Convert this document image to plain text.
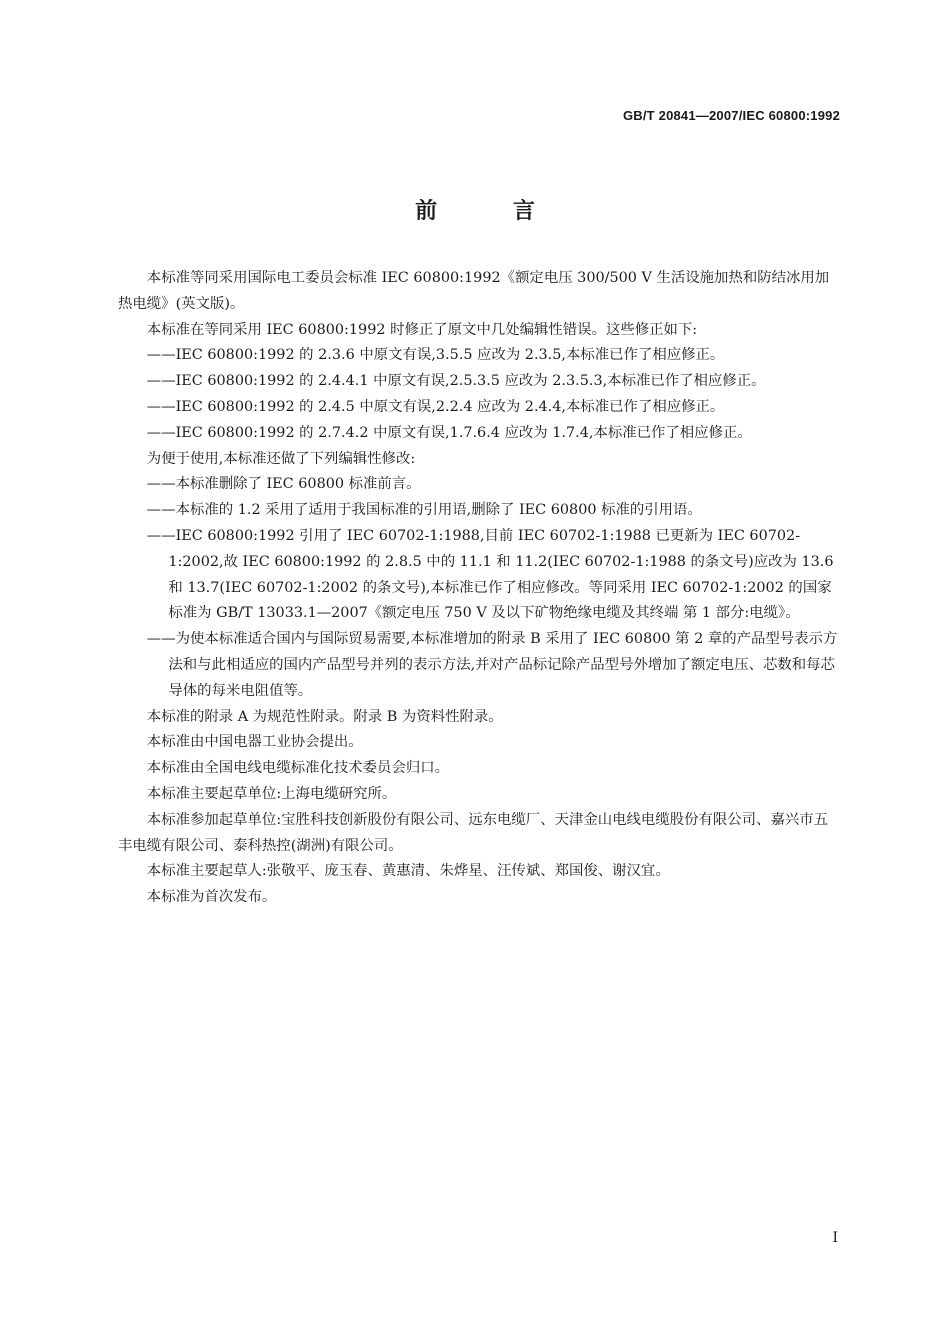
GB/T 20841—2007/IEC 60800:1992
前 言

本标准等同采用国际电工委员会标准 IEC 60800:1992《额定电压 300/500 V 生活设施加热和防结冰用加热电缆》(英文版)。

本标准在等同采用 IEC 60800:1992 时修正了原文中几处编辑性错误。这些修正如下:

——IEC 60800:1992 的 2.3.6 中原文有误,3.5.5 应改为 2.3.5,本标准已作了相应修正。

——IEC 60800:1992 的 2.4.4.1 中原文有误,2.5.3.5 应改为 2.3.5.3,本标准已作了相应修正。

——IEC 60800:1992 的 2.4.5 中原文有误,2.2.4 应改为 2.4.4,本标准已作了相应修正。

——IEC 60800:1992 的 2.7.4.2 中原文有误,1.7.6.4 应改为 1.7.4,本标准已作了相应修正。

为便于使用,本标准还做了下列编辑性修改:

——本标准删除了 IEC 60800 标准前言。

——本标准的 1.2 采用了适用于我国标准的引用语,删除了 IEC 60800 标准的引用语。

——IEC 60800:1992 引用了 IEC 60702-1:1988,目前 IEC 60702-1:1988 已更新为 IEC 60702-1:2002,故 IEC 60800:1992 的 2.8.5 中的 11.1 和 11.2(IEC 60702-1:1988 的条文号)应改为 13.6 和 13.7(IEC 60702-1:2002 的条文号),本标准已作了相应修改。等同采用 IEC 60702-1:2002 的国家标准为 GB/T 13033.1—2007《额定电压 750 V 及以下矿物绝缘电缆及其终端 第 1 部分:电缆》。

——为使本标准适合国内与国际贸易需要,本标准增加的附录 B 采用了 IEC 60800 第 2 章的产品型号表示方法和与此相适应的国内产品型号并列的表示方法,并对产品标记除产品型号外增加了额定电压、芯数和每芯导体的每米电阻值等。

本标准的附录 A 为规范性附录。附录 B 为资料性附录。

本标准由中国电器工业协会提出。

本标准由全国电线电缆标准化技术委员会归口。

本标准主要起草单位:上海电缆研究所。

本标准参加起草单位:宝胜科技创新股份有限公司、远东电缆厂、天津金山电线电缆股份有限公司、嘉兴市五丰电缆有限公司、泰科热控(湖洲)有限公司。

本标准主要起草人:张敬平、庞玉春、黄惠清、朱烨星、汪传斌、郑国俊、谢汉宜。

本标准为首次发布。

I
